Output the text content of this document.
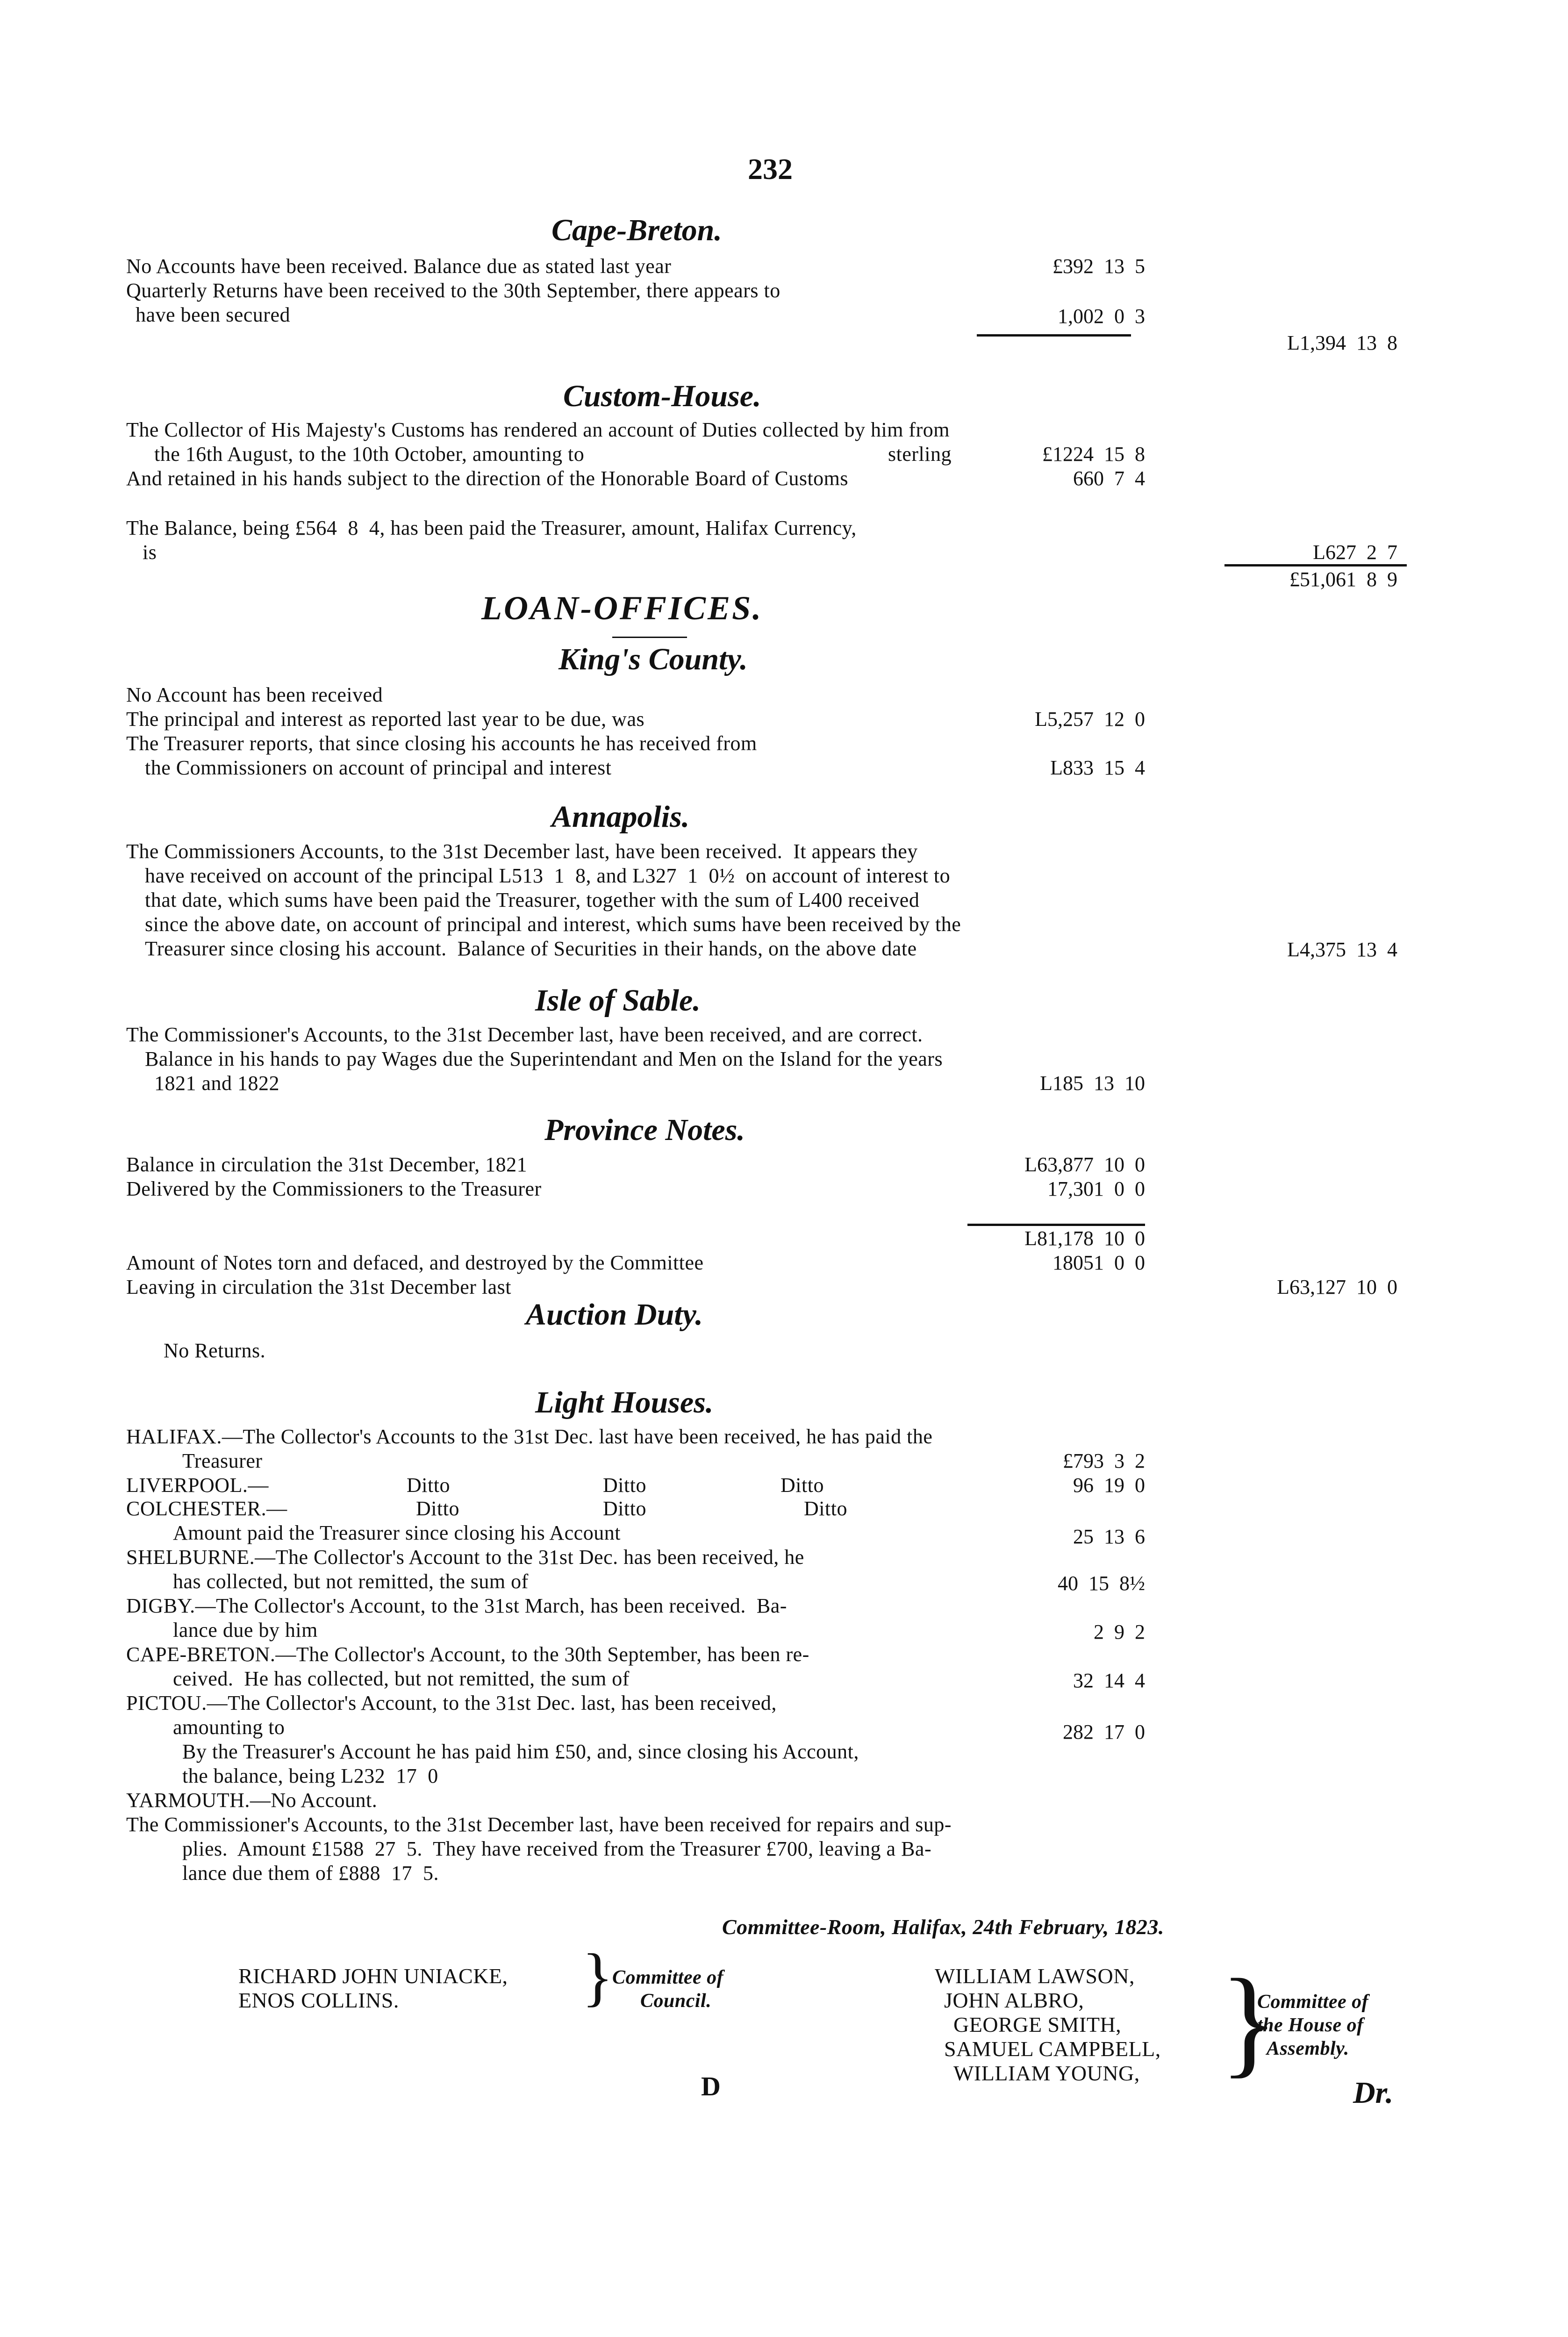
232
Cape-Breton.
No Accounts have been received. Balance due as stated last year	£392  13  5
Quarterly Returns have been received to the 30th September, there appears to
have been secured	1,002  0  3
L1,394  13  8
Custom-House.
The Collector of His Majesty's Customs has rendered an account of Duties collected by him from
the 16th August, to the 10th October, amounting to	sterling	£1224  15  8
And retained in his hands subject to the direction of the Honorable Board of Customs	660  7  4
The Balance, being £564  8  4, has been paid the Treasurer, amount, Halifax Currency,
is	L627  2  7
£51,061  8  9
LOAN-OFFICES.
King's County.
No Account has been received
The principal and interest as reported last year to be due, was	L5,257  12  0
The Treasurer reports, that since closing his accounts he has received from
the Commissioners on account of principal and interest	L833  15  4
Annapolis.
The Commissioners Accounts, to the 31st December last, have been received.  It appears they
have received on account of the principal L513  1  8, and L327  1  0½  on account of interest to
that date, which sums have been paid the Treasurer, together with the sum of L400 received
since the above date, on account of principal and interest, which sums have been received by the
Treasurer since closing his account.  Balance of Securities in their hands, on the above date	L4,375  13  4
Isle of Sable.
The Commissioner's Accounts, to the 31st December last, have been received, and are correct.
Balance in his hands to pay Wages due the Superintendant and Men on the Island for the years
1821 and 1822	L185  13  10
Province Notes.
Balance in circulation the 31st December, 1821	L63,877  10  0
Delivered by the Commissioners to the Treasurer	17,301  0  0
L81,178  10  0
Amount of Notes torn and defaced, and destroyed by the Committee	18051  0  0
Leaving in circulation the 31st December last	L63,127  10  0
Auction Duty.
No Returns.
Light Houses.
HALIFAX.—The Collector's Accounts to the 31st Dec. last have been received, he has paid the
Treasurer	£793  3  2
LIVERPOOL.—	Ditto	Ditto	Ditto	96  19  0
COLCHESTER.—	Ditto	Ditto	Ditto
Amount paid the Treasurer since closing his Account	25  13  6
SHELBURNE.—The Collector's Account to the 31st Dec. has been received, he
has collected, but not remitted, the sum of	40  15  8½
DIGBY.—The Collector's Account, to the 31st March, has been received.  Ba-
lance due by him	2  9  2
CAPE-BRETON.—The Collector's Account, to the 30th September, has been re-
ceived.  He has collected, but not remitted, the sum of	32  14  4
PICTOU.—The Collector's Account, to the 31st Dec. last, has been received,
amounting to	282  17  0
By the Treasurer's Account he has paid him £50, and, since closing his Account,
the balance, being L232  17  0
YARMOUTH.—No Account.
The Commissioner's Accounts, to the 31st December last, have been received for repairs and sup-
plies.  Amount £1588  27  5.  They have received from the Treasurer £700, leaving a Ba-
lance due them of £888  17  5.
Committee-Room, Halifax, 24th February, 1823.
RICHARD JOHN UNIACKE,
ENOS COLLINS.	}
Committee of
Council.
WILLIAM LAWSON,
JOHN ALBRO,
GEORGE SMITH,
SAMUEL CAMPBELL,
WILLIAM YOUNG, }
Committee of
the House of
Assembly.
D	Dr.
